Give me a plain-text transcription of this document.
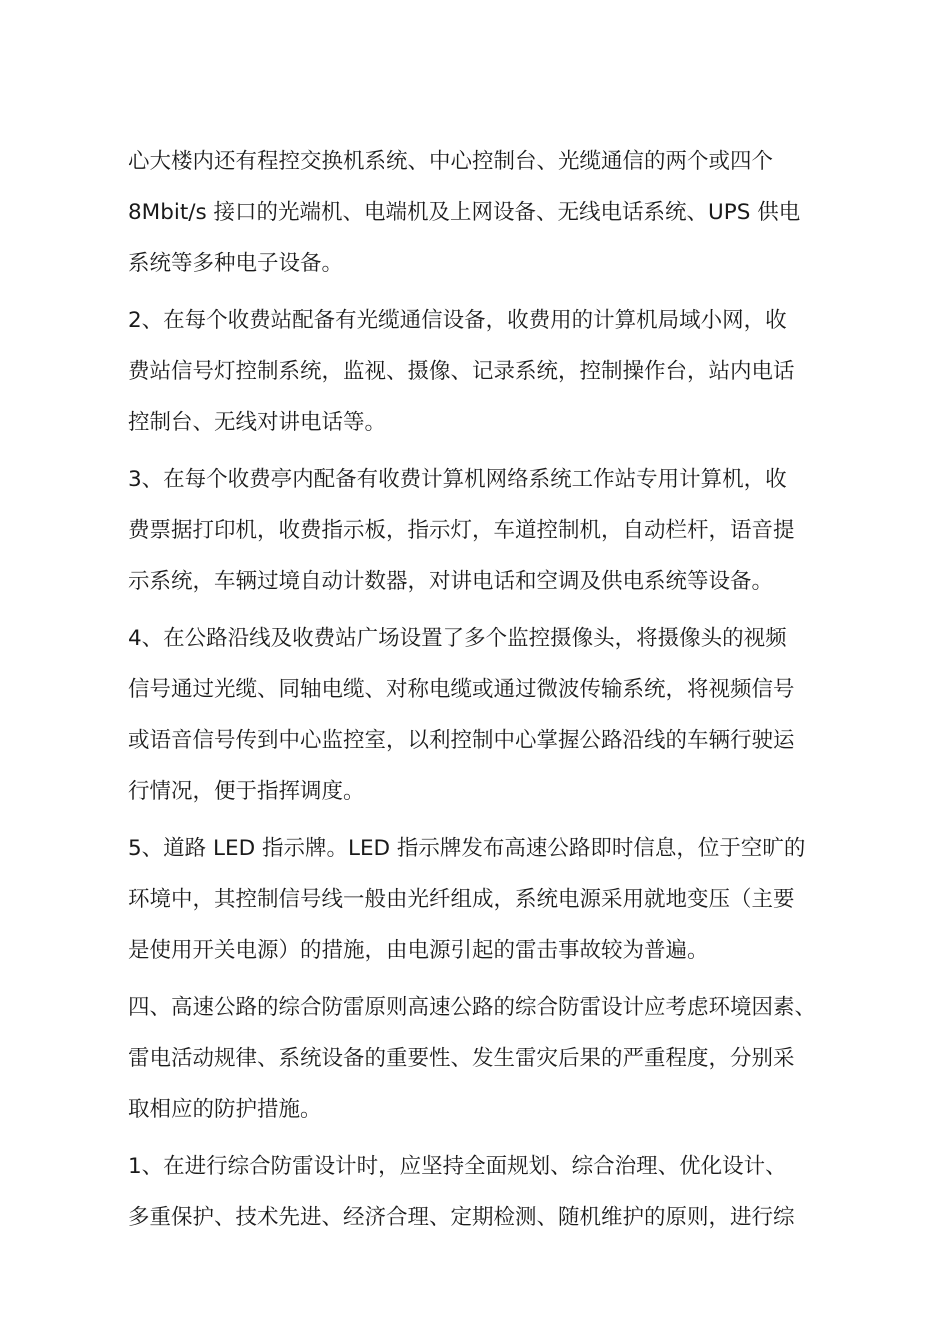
心大楼内还有程控交换机系统、中心控制台、光缆通信的两个或四个
8Mbit/s 接口的光端机、电端机及上网设备、无线电话系统、UPS 供电
系统等多种电子设备。

2、在每个收费站配备有光缆通信设备，收费用的计算机局域小网，收
费站信号灯控制系统，监视、摄像、记录系统，控制操作台，站内电话
控制台、无线对讲电话等。

3、在每个收费亭内配备有收费计算机网络系统工作站专用计算机，收
费票据打印机，收费指示板，指示灯，车道控制机，自动栏杆，语音提
示系统，车辆过境自动计数器，对讲电话和空调及供电系统等设备。

4、在公路沿线及收费站广场设置了多个监控摄像头，将摄像头的视频
信号通过光缆、同轴电缆、对称电缆或通过微波传输系统，将视频信号
或语音信号传到中心监控室，以利控制中心掌握公路沿线的车辆行驶运
行情况，便于指挥调度。

5、道路 LED 指示牌。LED 指示牌发布高速公路即时信息，位于空旷的
环境中，其控制信号线一般由光纤组成，系统电源采用就地变压（主要
是使用开关电源）的措施，由电源引起的雷击事故较为普遍。

四、高速公路的综合防雷原则高速公路的综合防雷设计应考虑环境因素、
雷电活动规律、系统设备的重要性、发生雷灾后果的严重程度，分别采
取相应的防护措施。

1、在进行综合防雷设计时，应坚持全面规划、综合治理、优化设计、
多重保护、技术先进、经济合理、定期检测、随机维护的原则，进行综
